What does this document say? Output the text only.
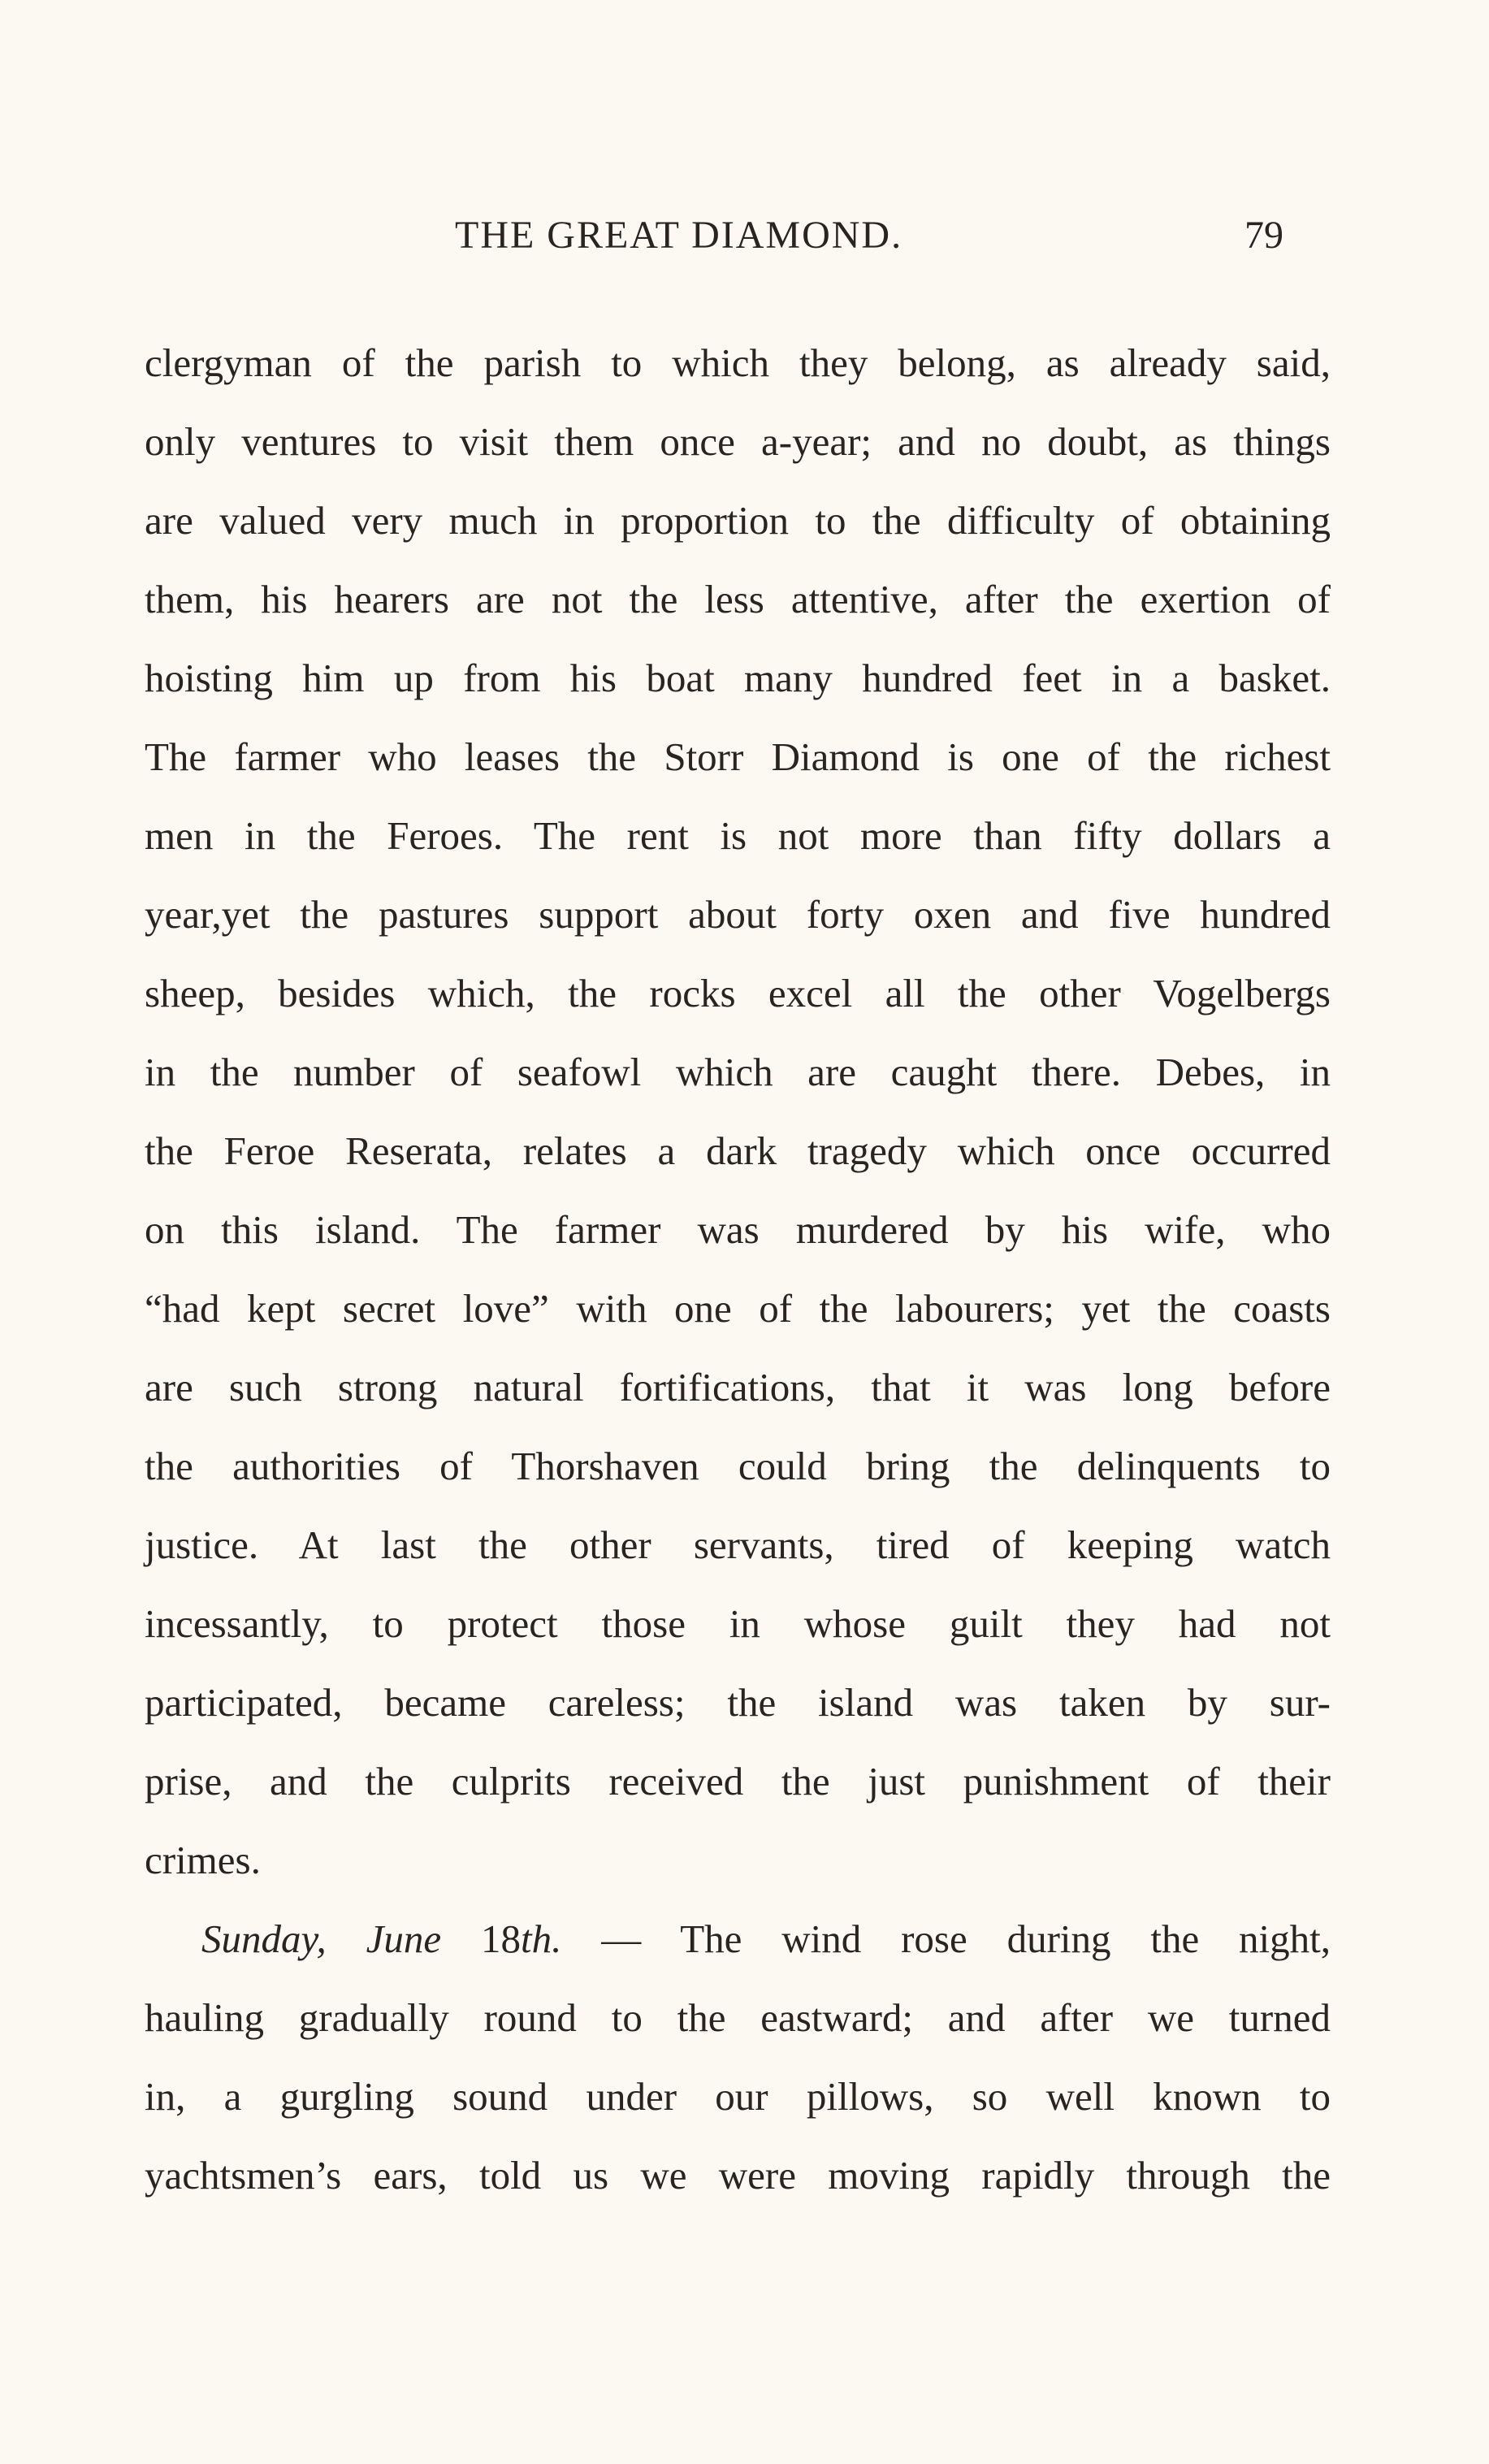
THE GREAT DIAMOND.	79
clergyman of the parish to which they belong, as already said,
only ventures to visit them once a-year; and no doubt, as things
are valued very much in proportion to the difficulty of obtaining
them, his hearers are not the less attentive, after the exertion of
hoisting him up from his boat many hundred feet in a basket.
The farmer who leases the Storr Diamond is one of the richest
men in the Feroes. The rent is not more than fifty dollars a
year,yet the pastures support about forty oxen and five hundred
sheep, besides which, the rocks excel all the other Vogelbergs
in the number of seafowl which are caught there. Debes, in
the Feroe Reserata, relates a dark tragedy which once occurred
on this island. The farmer was murdered by his wife, who
“had kept secret love” with one of the labourers; yet the coasts
are such strong natural fortifications, that it was long before
the authorities of Thorshaven could bring the delinquents to
justice. At last the other servants, tired of keeping watch
incessantly, to protect those in whose guilt they had not
participated, became careless; the island was taken by sur-
prise, and the culprits received the just punishment of their
crimes.
Sunday, June 18th. — The wind rose during the night,
hauling gradually round to the eastward; and after we turned
in, a gurgling sound under our pillows, so well known to
yachtsmen’s ears, told us we were moving rapidly through the
